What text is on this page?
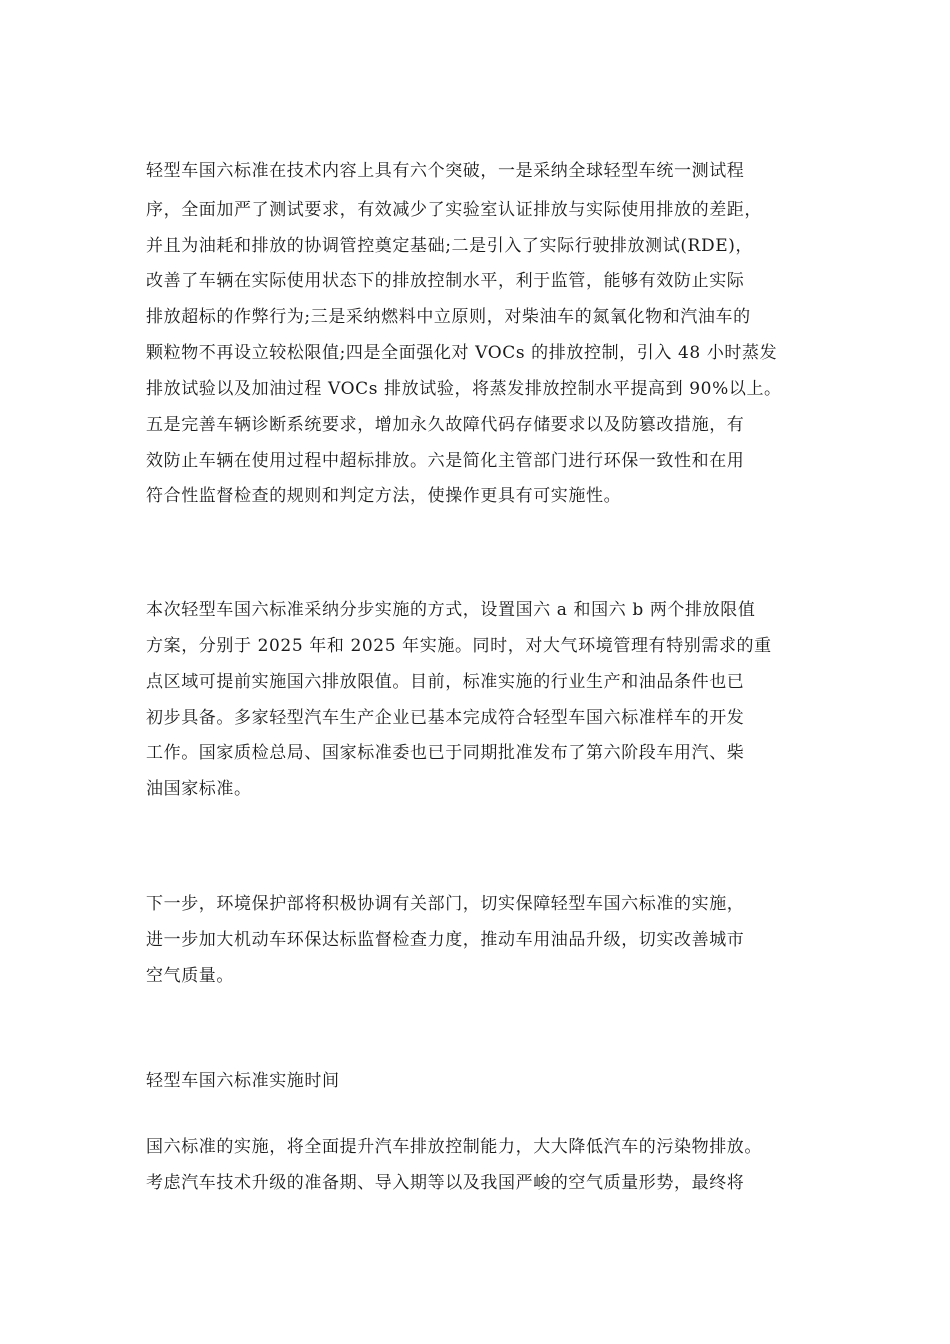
轻型车国六标准在技术内容上具有六个突破，一是采纳全球轻型车统一测试程
序，全面加严了测试要求，有效减少了实验室认证排放与实际使用排放的差距，
并且为油耗和排放的协调管控奠定基础;二是引入了实际行驶排放测试(RDE)，
改善了车辆在实际使用状态下的排放控制水平，利于监管，能够有效防止实际
排放超标的作弊行为;三是采纳燃料中立原则，对柴油车的氮氧化物和汽油车的
颗粒物不再设立较松限值;四是全面强化对 VOCs 的排放控制，引入 48 小时蒸发
排放试验以及加油过程 VOCs 排放试验，将蒸发排放控制水平提高到 90%以上。
五是完善车辆诊断系统要求，增加永久故障代码存储要求以及防篡改措施，有
效防止车辆在使用过程中超标排放。六是简化主管部门进行环保一致性和在用
符合性监督检查的规则和判定方法，使操作更具有可实施性。
本次轻型车国六标准采纳分步实施的方式，设置国六 a 和国六 b 两个排放限值
方案，分别于 2025 年和 2025 年实施。同时，对大气环境管理有特别需求的重
点区域可提前实施国六排放限值。目前，标准实施的行业生产和油品条件也已
初步具备。多家轻型汽车生产企业已基本完成符合轻型车国六标准样车的开发
工作。国家质检总局、国家标准委也已于同期批准发布了第六阶段车用汽、柴
油国家标准。
下一步，环境保护部将积极协调有关部门，切实保障轻型车国六标准的实施，
进一步加大机动车环保达标监督检查力度，推动车用油品升级，切实改善城市
空气质量。
轻型车国六标准实施时间
国六标准的实施，将全面提升汽车排放控制能力，大大降低汽车的污染物排放。
考虑汽车技术升级的准备期、导入期等以及我国严峻的空气质量形势，最终将
